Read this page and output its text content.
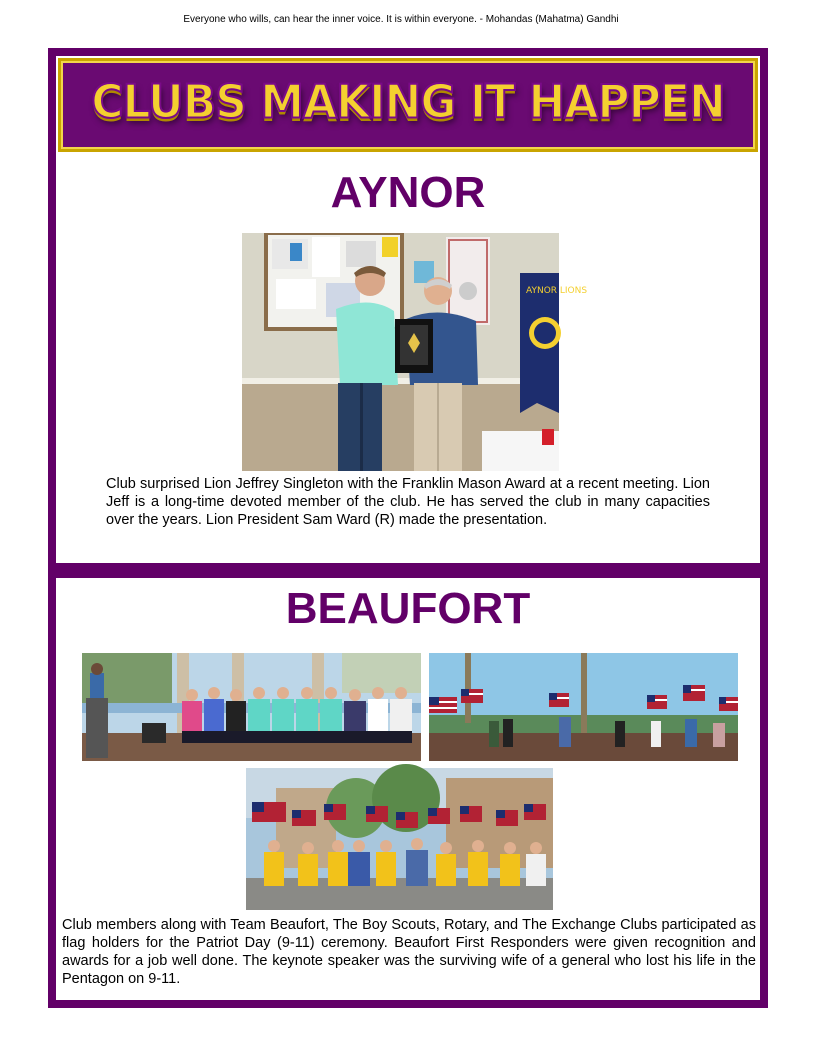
Everyone who wills, can hear the inner voice. It is within everyone. - Mohandas (Mahatma) Gandhi
CLUBS MAKING IT HAPPEN
AYNOR
AYNOR LIONS
Club surprised Lion Jeffrey Singleton with the Franklin Mason Award at a recent meeting. Lion Jeff is a long-time devoted member of the club. He has served the club in many capacities over the years. Lion President Sam Ward (R) made the presentation.
BEAUFORT
Club members along with Team Beaufort, The Boy Scouts, Rotary, and The Exchange Clubs participated as flag holders for the Patriot Day (9-11) ceremony. Beaufort First Responders were given recognition and awards for a job well done. The keynote speaker was the surviving wife of a general who lost his life in the Pentagon on 9-11.
